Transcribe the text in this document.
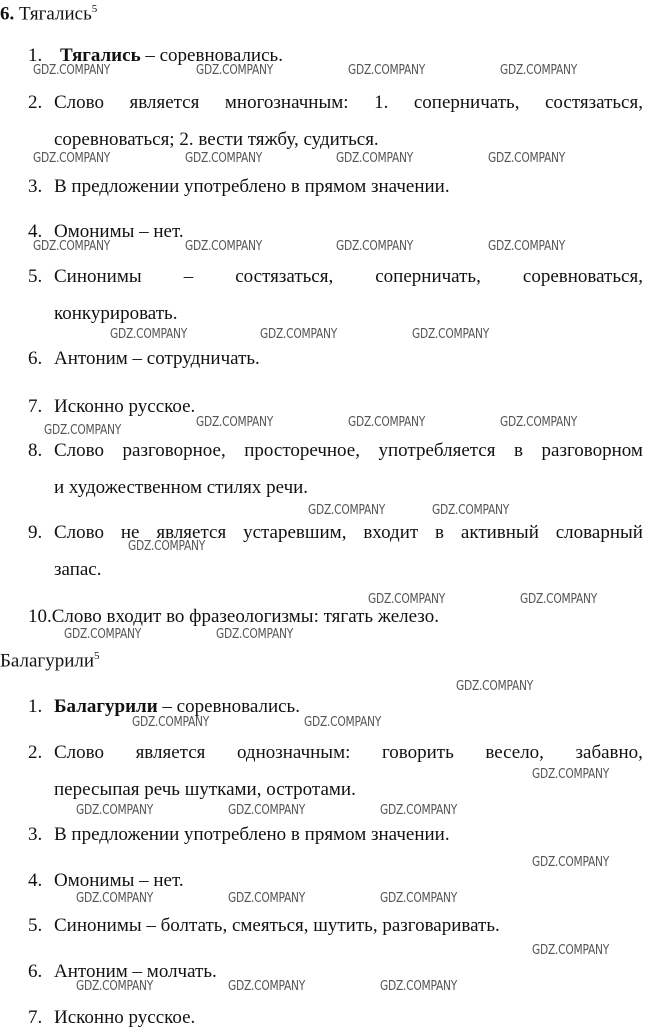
6. Тягались$^5$
1. Тягались – соревновались.
2. Слово является многозначным: 1. соперничать, состязаться,
соревноваться; 2. вести тяжбу, судиться.
3. В предложении употреблено в прямом значении.
4. Омонимы – нет.
5. Синонимы – состязаться, соперничать, соревноваться,
конкурировать.
6. Антоним – сотрудничать.
7. Исконно русское.
8. Слово разговорное, просторечное, употребляется в разговорном
и художественном стилях речи.
9. Слово не является устаревшим, входит в активный словарный
запас.
10.Слово входит во фразеологизмы: тягать железо.
Балагурили$^5$
1. Балагурили – соревновались.
2. Слово является однозначным: говорить весело, забавно,
пересыпая речь шутками, остротами.
3. В предложении употреблено в прямом значении.
4. Омонимы – нет.
5. Синонимы – болтать, смеяться, шутить, разговаривать.
6. Антоним – молчать.
7. Исконно русское.
GDZ.COMPANY	GDZ.COMPANY	GDZ.COMPANY	GDZ.COMPANY
GDZ.COMPANY	GDZ.COMPANY	GDZ.COMPANY	GDZ.COMPANY
GDZ.COMPANY	GDZ.COMPANY	GDZ.COMPANY	GDZ.COMPANY
GDZ.COMPANY	GDZ.COMPANY	GDZ.COMPANY
GDZ.COMPANY	GDZ.COMPANY	GDZ.COMPANY
GDZ.COMPANY
GDZ.COMPANY	GDZ.COMPANY
GDZ.COMPANY
GDZ.COMPANY	GDZ.COMPANY
GDZ.COMPANY	GDZ.COMPANY
GDZ.COMPANY
GDZ.COMPANY	GDZ.COMPANY
GDZ.COMPANY
GDZ.COMPANY	GDZ.COMPANY	GDZ.COMPANY
GDZ.COMPANY
GDZ.COMPANY	GDZ.COMPANY	GDZ.COMPANY
GDZ.COMPANY
GDZ.COMPANY	GDZ.COMPANY	GDZ.COMPANY
